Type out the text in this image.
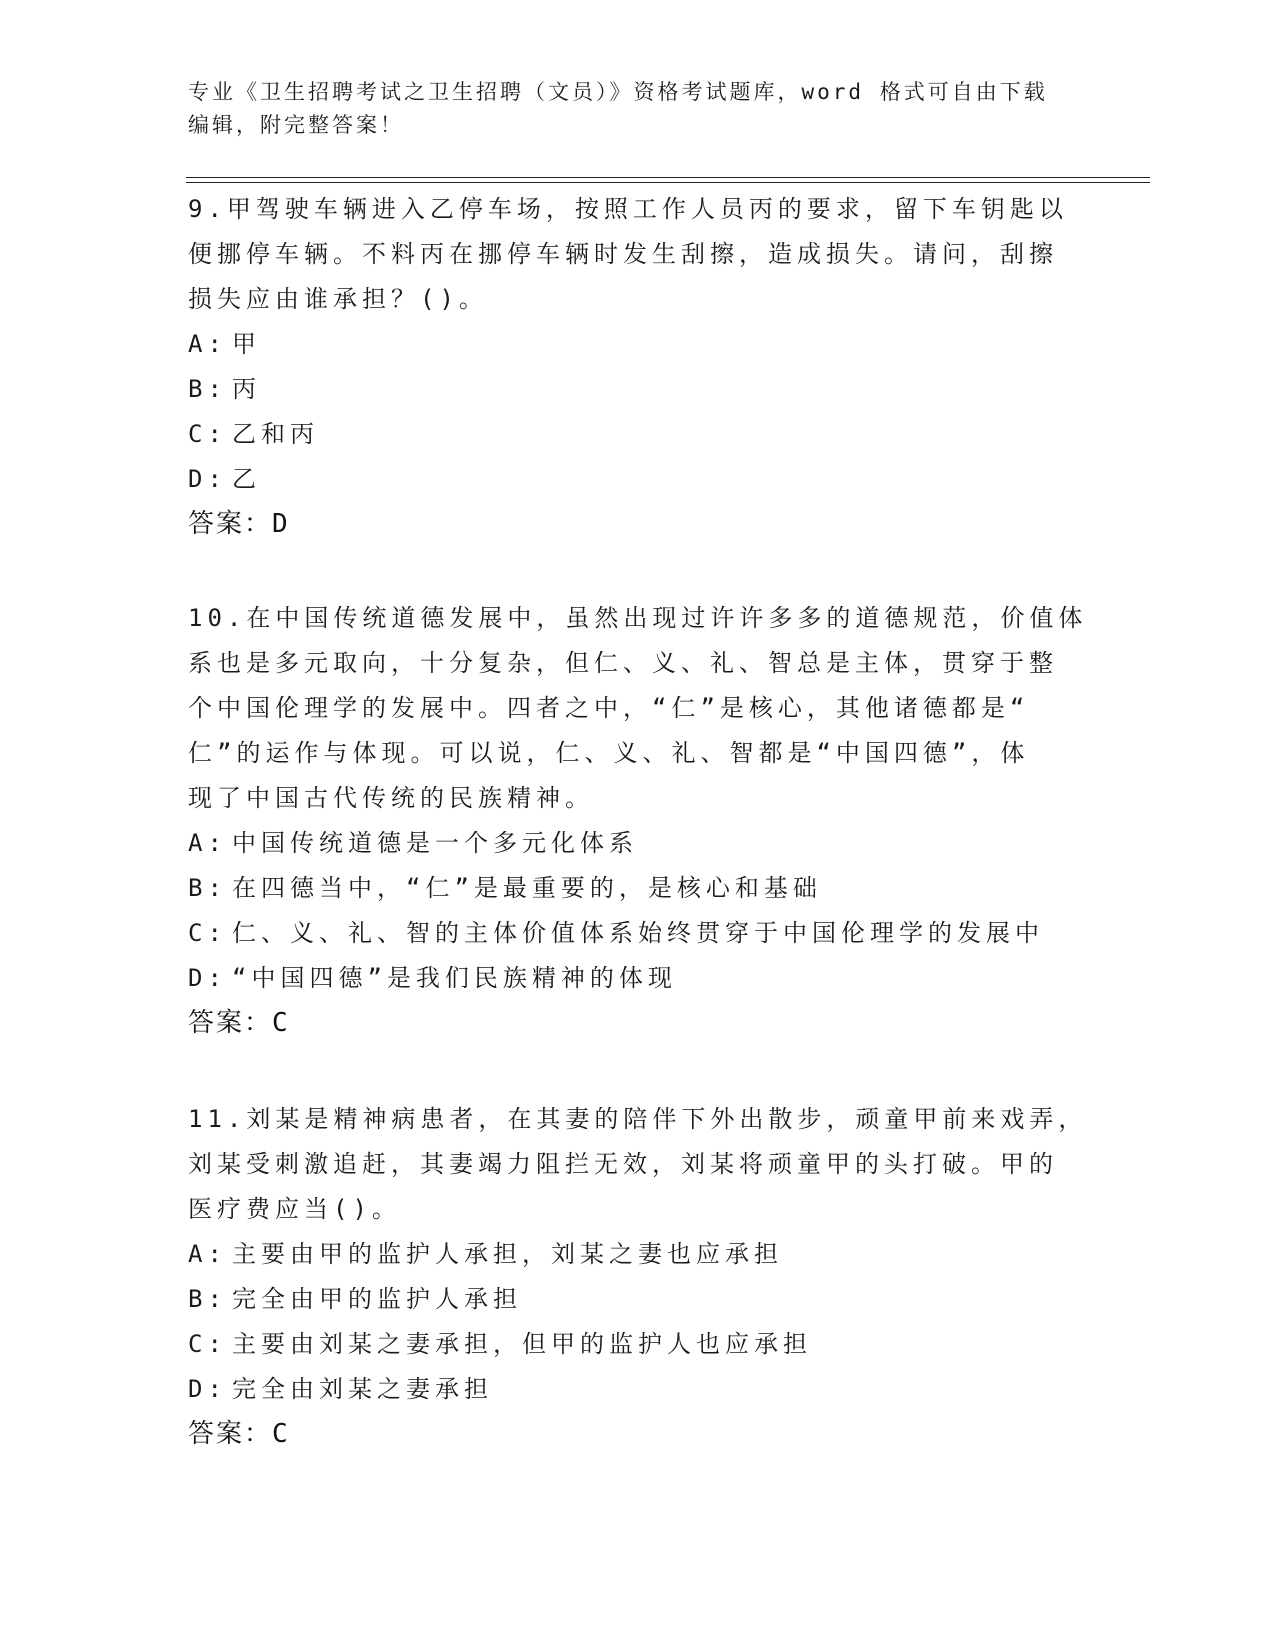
专业《卫生招聘考试之卫生招聘（文员）》资格考试题库，word 格式可自由下载
编辑，附完整答案！

9.甲驾驶车辆进入乙停车场，按照工作人员丙的要求，留下车钥匙以

便挪停车辆。不料丙在挪停车辆时发生刮擦，造成损失。请问，刮擦

损失应由谁承担？()。

A: 甲

B: 丙

C: 乙和丙

D: 乙

答案：D

10.在中国传统道德发展中，虽然出现过许许多多的道德规范，价值体

系也是多元取向，十分复杂，但仁、义、礼、智总是主体，贯穿于整

个中国伦理学的发展中。四者之中，“仁”是核心，其他诸德都是“

仁”的运作与体现。可以说，仁、义、礼、智都是“中国四德”，体

现了中国古代传统的民族精神。

A: 中国传统道德是一个多元化体系

B: 在四德当中，“仁”是最重要的，是核心和基础

C: 仁、义、礼、智的主体价值体系始终贯穿于中国伦理学的发展中

D: “中国四德”是我们民族精神的体现

答案：C

11.刘某是精神病患者，在其妻的陪伴下外出散步，顽童甲前来戏弄，

刘某受刺激追赶，其妻竭力阻拦无效，刘某将顽童甲的头打破。甲的

医疗费应当()。

A: 主要由甲的监护人承担，刘某之妻也应承担

B: 完全由甲的监护人承担

C: 主要由刘某之妻承担，但甲的监护人也应承担

D: 完全由刘某之妻承担

答案：C
